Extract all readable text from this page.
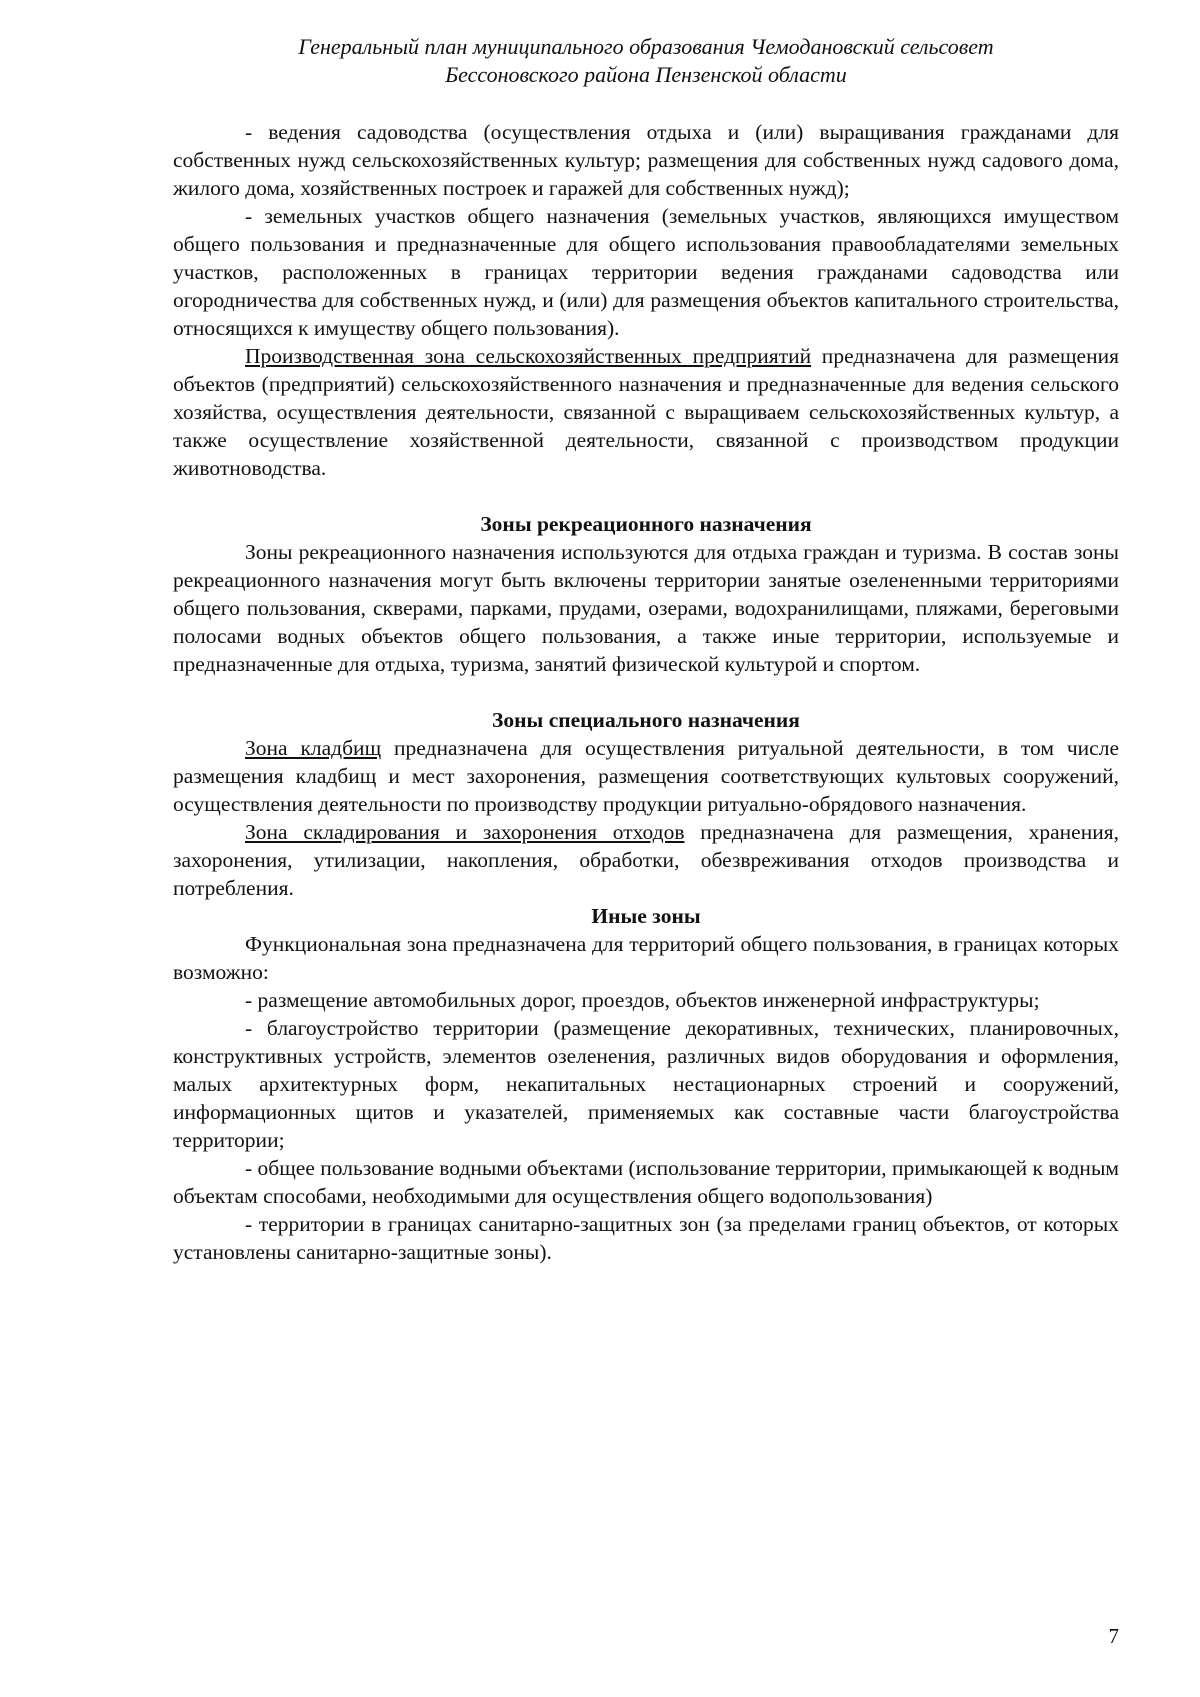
Генеральный план муниципального образования Чемодановский сельсовет
Бессоновского района Пензенской области

- ведения садоводства (осуществления отдыха и (или) выращивания гражданами для собственных нужд сельскохозяйственных культур; размещения для собственных нужд садового дома, жилого дома, хозяйственных построек и гаражей для собственных нужд);

- земельных участков общего назначения (земельных участков, являющихся имуществом общего пользования и предназначенные для общего использования правообладателями земельных участков, расположенных в границах территории ведения гражданами садоводства или огородничества для собственных нужд, и (или) для размещения объектов капитального строительства, относящихся к имуществу общего пользования).

Производственная зона сельскохозяйственных предприятий предназначена для размещения объектов (предприятий) сельскохозяйственного назначения и предназначенные для ведения сельского хозяйства, осуществления деятельности, связанной с выращиваем сельскохозяйственных культур, а также осуществление хозяйственной деятельности, связанной с производством продукции животноводства.

Зоны рекреационного назначения

Зоны рекреационного назначения используются для отдыха граждан и туризма. В состав зоны рекреационного назначения могут быть включены территории занятые озелененными территориями общего пользования, скверами, парками, прудами, озерами, водохранилищами, пляжами, береговыми полосами водных объектов общего пользования, а также иные территории, используемые и предназначенные для отдыха, туризма, занятий физической культурой и спортом.

Зоны специального назначения

Зона кладбищ предназначена для осуществления ритуальной деятельности, в том числе размещения кладбищ и мест захоронения, размещения соответствующих культовых сооружений, осуществления деятельности по производству продукции ритуально-обрядового назначения.

Зона складирования и захоронения отходов предназначена для размещения, хранения, захоронения, утилизации, накопления, обработки, обезвреживания отходов производства и потребления.

Иные зоны

Функциональная зона предназначена для территорий общего пользования, в границах которых возможно:

- размещение автомобильных дорог, проездов, объектов инженерной инфраструктуры;

- благоустройство территории (размещение декоративных, технических, планировочных, конструктивных устройств, элементов озеленения, различных видов оборудования и оформления, малых архитектурных форм, некапитальных нестационарных строений и сооружений, информационных щитов и указателей, применяемых как составные части благоустройства территории;

- общее пользование водными объектами (использование территории, примыкающей к водным объектам способами, необходимыми для осуществления общего водопользования)

- территории в границах санитарно-защитных зон (за пределами границ объектов, от которых установлены санитарно-защитные зоны).

7
